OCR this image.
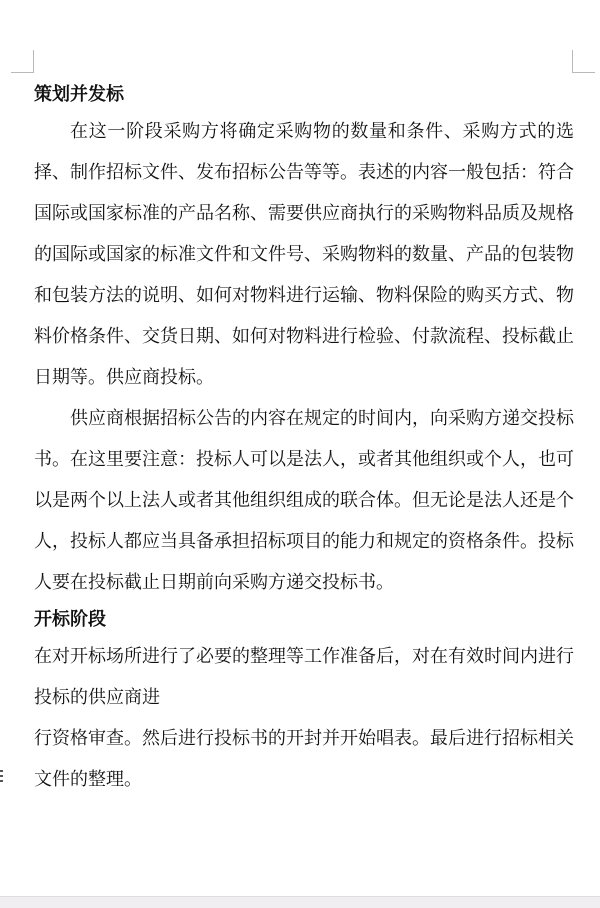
策划并发标

在这一阶段采购方将确定采购物的数量和条件、采购方式的选择、制作招标文件、发布招标公告等等。表述的内容一般包括：符合国际或国家标准的产品名称、需要供应商执行的采购物料品质及规格的国际或国家的标准文件和文件号、采购物料的数量、产品的包装物和包装方法的说明、如何对物料进行运输、物料保险的购买方式、物料价格条件、交货日期、如何对物料进行检验、付款流程、投标截止日期等。供应商投标。

供应商根据招标公告的内容在规定的时间内，向采购方递交投标书。在这里要注意：投标人可以是法人，或者其他组织或个人，也可以是两个以上法人或者其他组织组成的联合体。但无论是法人还是个人，投标人都应当具备承担招标项目的能力和规定的资格条件。投标人要在投标截止日期前向采购方递交投标书。

开标阶段

在对开标场所进行了必要的整理等工作准备后，对在有效时间内进行投标的供应商进

行资格审查。然后进行投标书的开封并开始唱表。最后进行招标相关文件的整理。
